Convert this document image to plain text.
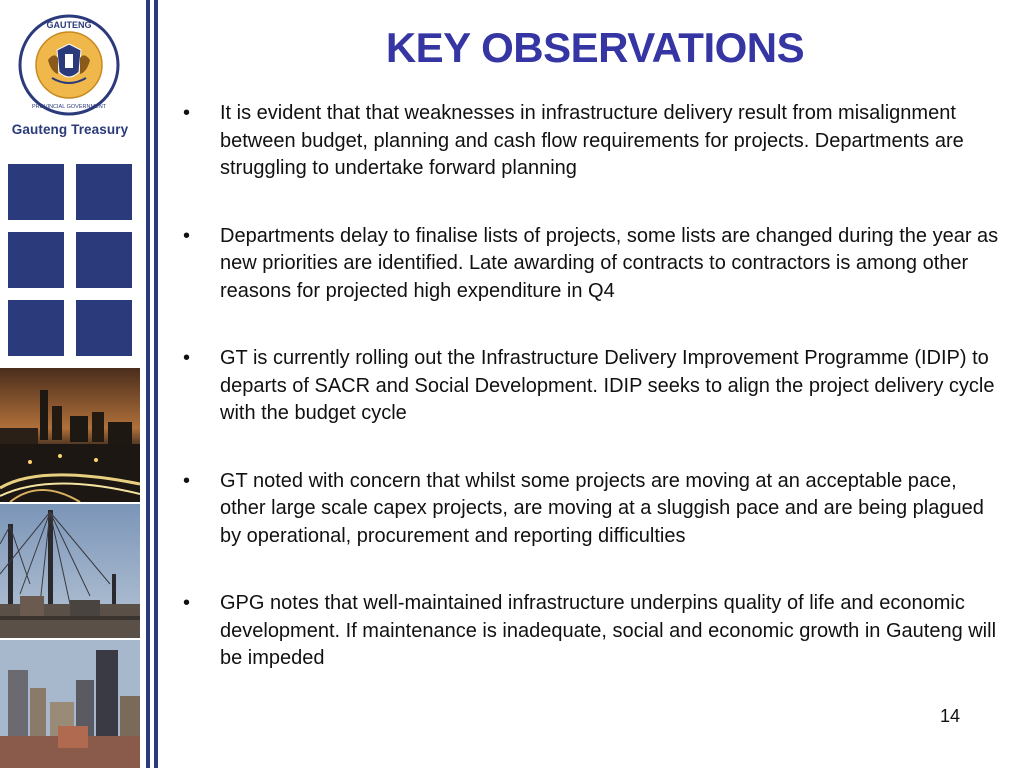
GAUTENG
PROVINCIAL GOVERNMENT
Gauteng Treasury
KEY OBSERVATIONS
• It is evident that that weaknesses in infrastructure delivery result from misalignment between budget, planning and cash flow requirements for projects. Departments are struggling to undertake forward planning
• Departments delay to finalise lists of projects, some lists are changed during the year as new priorities are identified. Late awarding of contracts to contractors is among other reasons for projected high expenditure in Q4
• GT is currently rolling out the Infrastructure Delivery Improvement Programme (IDIP) to departs of SACR and Social Development. IDIP seeks to align the project delivery cycle with the budget cycle
• GT noted with concern that whilst some projects are moving at an acceptable pace, other large scale capex projects, are moving at a sluggish pace and are being plagued by operational, procurement and reporting difficulties
• GPG notes that well-maintained infrastructure underpins quality of life and economic development. If maintenance is inadequate, social and economic growth in Gauteng will be impeded
14
